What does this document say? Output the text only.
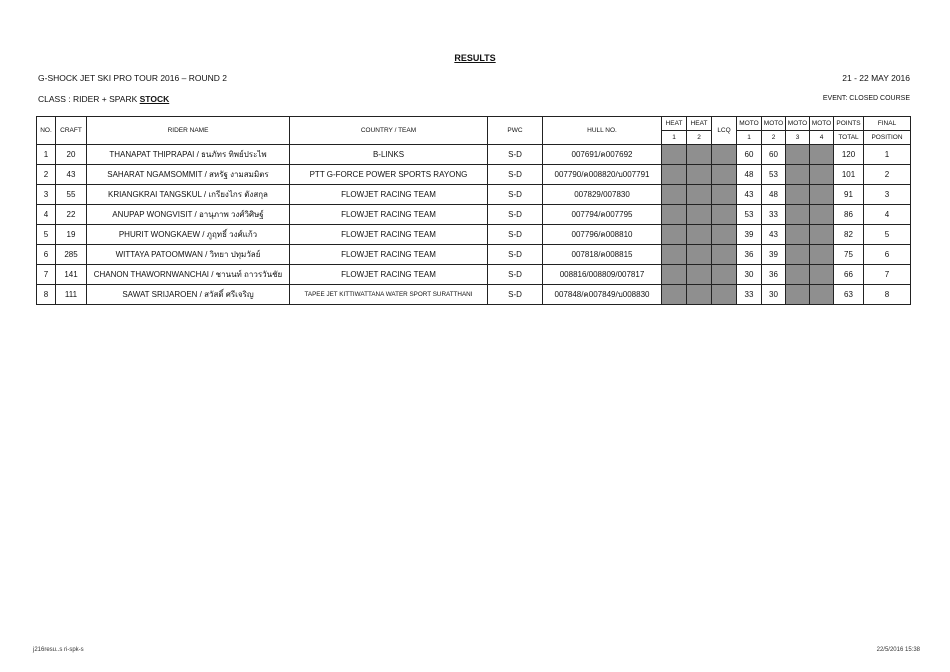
RESULTS
G-SHOCK JET SKI PRO TOUR 2016 – ROUND 2	21 - 22 MAY 2016
CLASS : RIDER + SPARK STOCK	EVENT: CLOSED COURSE
NO.	CRAFT	RIDER NAME	COUNTRY / TEAM	PWC	HULL NO.	HEAT	HEAT	LCQ	MOTO	MOTO	MOTO	MOTO	POINTS	FINAL
						1	2		1	2	3	4	TOTAL	POSITION
1	20	THANAPAT THIPRAPAI / ธนภัทร ทิพย์ประไพ	B-LINKS	S-D	007691/ค007692				60	60			120	1
2	43	SAHARAT NGAMSOMMIT / สหรัฐ งามสมมิตร	PTT G-FORCE POWER SPORTS RAYONG	S-D	007790/ค008820/บ007791				48	53			101	2
3	55	KRIANGKRAI TANGSKUL / เกรียงไกร ตังสกุล	FLOWJET RACING TEAM	S-D	007829/007830				43	48			91	3
4	22	ANUPAP WONGVISIT / อานุภาพ วงศ์วิศิษฐ์	FLOWJET RACING TEAM	S-D	007794/ค007795				53	33			86	4
5	19	PHURIT WONGKAEW / ภูฤทธิ์ วงศ์แก้ว	FLOWJET RACING TEAM	S-D	007796/ค008810				39	43			82	5
6	285	WITTAYA PATOOMWAN / วิทยา ปทุมวัลย์	FLOWJET RACING TEAM	S-D	007818/ค008815				36	39			75	6
7	141	CHANON THAWORNWANCHAI / ชานนท์ ถาวรวันชัย	FLOWJET RACING TEAM	S-D	008816/008809/007817				30	36			66	7
8	111	SAWAT SRIJAROEN / สวัสดิ์ ศรีเจริญ	TAPEE JET KITTIWATTANA WATER SPORT SURATTHANI	S-D	007848/ค007849/บ008830				33	30			63	8
j216resu..s ri-spk-s	22/5/2016 15:38
